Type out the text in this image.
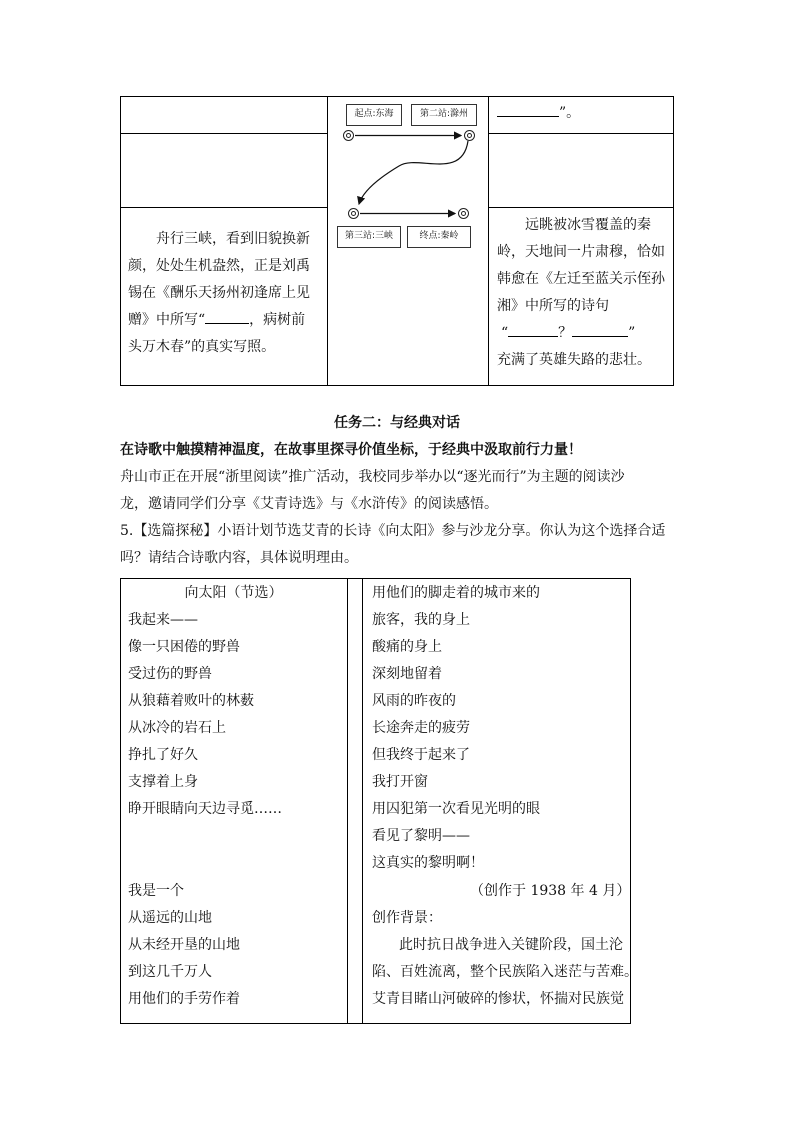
”。
起点:东海	第二站:滁州
第三站:三峡	终点:秦岭
舟行三峡，看到旧貌换新
颜，处处生机盎然，正是刘禹
锡在《酬乐天扬州初逢席上见
赠》中所写“	，病树前
头万木春”的真实写照。
远眺被冰雪覆盖的秦
岭，天地间一片肃穆，恰如
韩愈在《左迁至蓝关示侄孙
湘》中所写的诗句
“	？	”
充满了英雄失路的悲壮。
任务二：与经典对话
在诗歌中触摸精神温度，在故事里探寻价值坐标，于经典中汲取前行力量！
舟山市正在开展“浙里阅读”推广活动，我校同步举办以“逐光而行”为主题的阅读沙
龙，邀请同学们分享《艾青诗选》与《水浒传》的阅读感悟。
5.【选篇探秘】小语计划节选艾青的长诗《向太阳》参与沙龙分享。你认为这个选择合适
吗？请结合诗歌内容，具体说明理由。
向太阳（节选）
我起来——
像一只困倦的野兽
受过伤的野兽
从狼藉着败叶的林薮
从冰冷的岩石上
挣扎了好久
支撑着上身
睁开眼睛向天边寻觅……
我是一个
从遥远的山地
从未经开垦的山地
到这几千万人
用他们的手劳作着
用他们的脚走着的城市来的
旅客，我的身上
酸痛的身上
深刻地留着
风雨的昨夜的
长途奔走的疲劳
但我终于起来了
我打开窗
用囚犯第一次看见光明的眼
看见了黎明——
这真实的黎明啊！
（创作于 1938 年 4 月）
创作背景：
此时抗日战争进入关键阶段，国土沦
陷、百姓流离，整个民族陷入迷茫与苦难。
艾青目睹山河破碎的惨状，怀揣对民族觉
